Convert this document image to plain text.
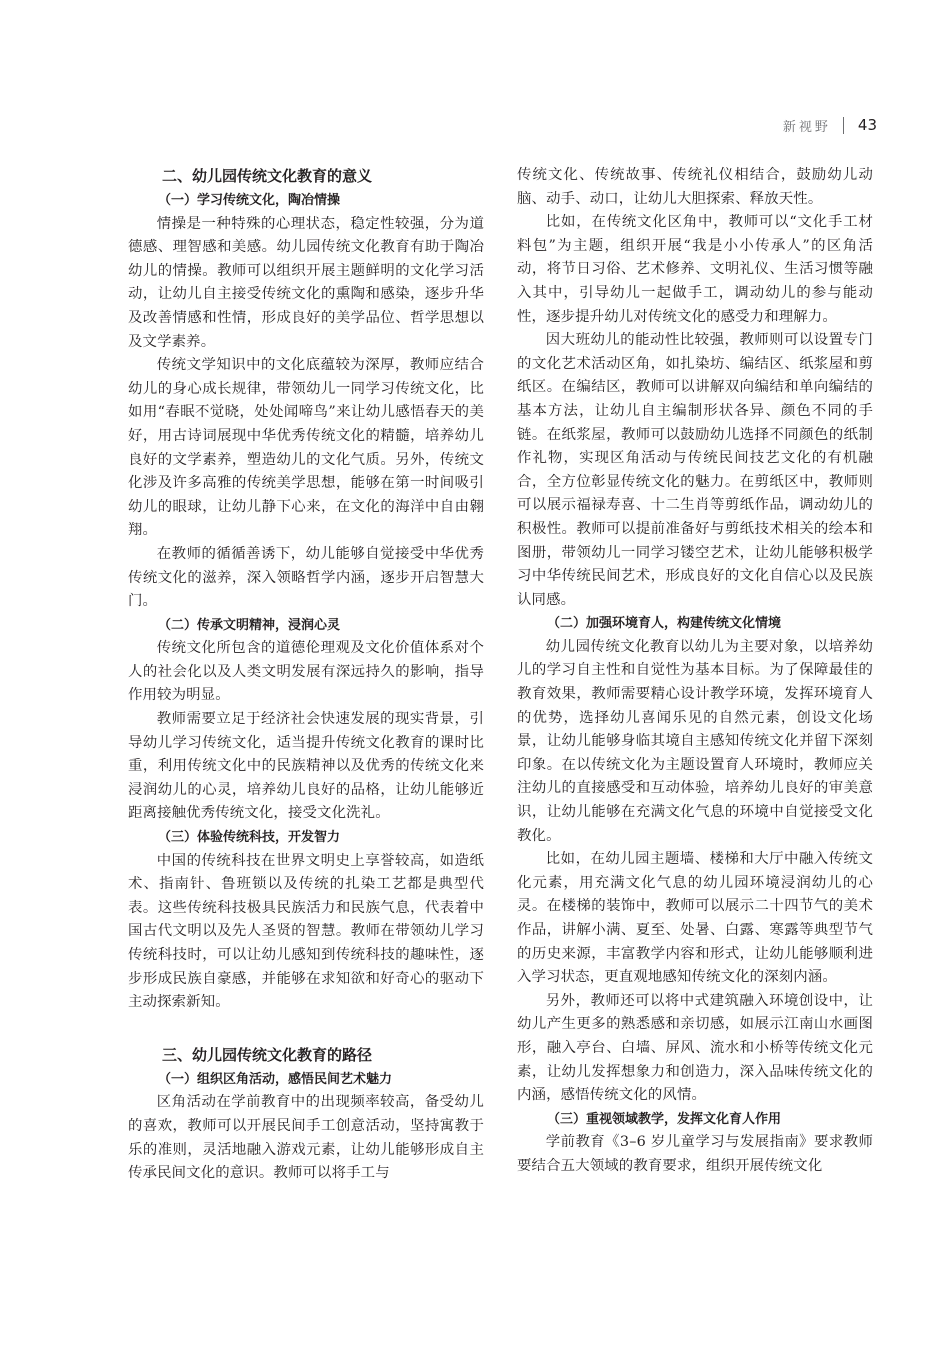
新视野 43
二、幼儿园传统文化教育的意义
（一）学习传统文化，陶冶情操

情操是一种特殊的心理状态，稳定性较强，分为道德感、理智感和美感。幼儿园传统文化教育有助于陶冶幼儿的情操。教师可以组织开展主题鲜明的文化学习活动，让幼儿自主接受传统文化的熏陶和感染，逐步升华及改善情感和性情，形成良好的美学品位、哲学思想以及文学素养。

传统文学知识中的文化底蕴较为深厚，教师应结合幼儿的身心成长规律，带领幼儿一同学习传统文化，比如用“春眠不觉晓，处处闻啼鸟”来让幼儿感悟春天的美好，用古诗词展现中华优秀传统文化的精髓，培养幼儿良好的文学素养，塑造幼儿的文化气质。另外，传统文化涉及许多高雅的传统美学思想，能够在第一时间吸引幼儿的眼球，让幼儿静下心来，在文化的海洋中自由翱翔。

在教师的循循善诱下，幼儿能够自觉接受中华优秀传统文化的滋养，深入领略哲学内涵，逐步开启智慧大门。

（二）传承文明精神，浸润心灵

传统文化所包含的道德伦理观及文化价值体系对个人的社会化以及人类文明发展有深远持久的影响，指导作用较为明显。

教师需要立足于经济社会快速发展的现实背景，引导幼儿学习传统文化，适当提升传统文化教育的课时比重，利用传统文化中的民族精神以及优秀的传统文化来浸润幼儿的心灵，培养幼儿良好的品格，让幼儿能够近距离接触优秀传统文化，接受文化洗礼。

（三）体验传统科技，开发智力

中国的传统科技在世界文明史上享誉较高，如造纸术、指南针、鲁班锁以及传统的扎染工艺都是典型代表。这些传统科技极具民族活力和民族气息，代表着中国古代文明以及先人圣贤的智慧。教师在带领幼儿学习传统科技时，可以让幼儿感知到传统科技的趣味性，逐步形成民族自豪感，并能够在求知欲和好奇心的驱动下主动探索新知。

三、幼儿园传统文化教育的路径
（一）组织区角活动，感悟民间艺术魅力

区角活动在学前教育中的出现频率较高，备受幼儿的喜欢，教师可以开展民间手工创意活动，坚持寓教于乐的准则，灵活地融入游戏元素，让幼儿能够形成自主传承民间文化的意识。教师可以将手工与

传统文化、传统故事、传统礼仪相结合，鼓励幼儿动脑、动手、动口，让幼儿大胆探索、释放天性。

比如，在传统文化区角中，教师可以“文化手工材料包”为主题，组织开展“我是小小传承人”的区角活动，将节日习俗、艺术修养、文明礼仪、生活习惯等融入其中，引导幼儿一起做手工，调动幼儿的参与能动性，逐步提升幼儿对传统文化的感受力和理解力。

因大班幼儿的能动性比较强，教师则可以设置专门的文化艺术活动区角，如扎染坊、编结区、纸浆屋和剪纸区。在编结区，教师可以讲解双向编结和单向编结的基本方法，让幼儿自主编制形状各异、颜色不同的手链。在纸浆屋，教师可以鼓励幼儿选择不同颜色的纸制作礼物，实现区角活动与传统民间技艺文化的有机融合，全方位彰显传统文化的魅力。在剪纸区中，教师则可以展示福禄寿喜、十二生肖等剪纸作品，调动幼儿的积极性。教师可以提前准备好与剪纸技术相关的绘本和图册，带领幼儿一同学习镂空艺术，让幼儿能够积极学习中华传统民间艺术，形成良好的文化自信心以及民族认同感。

（二）加强环境育人，构建传统文化情境

幼儿园传统文化教育以幼儿为主要对象，以培养幼儿的学习自主性和自觉性为基本目标。为了保障最佳的教育效果，教师需要精心设计教学环境，发挥环境育人的优势，选择幼儿喜闻乐见的自然元素，创设文化场景，让幼儿能够身临其境自主感知传统文化并留下深刻印象。在以传统文化为主题设置育人环境时，教师应关注幼儿的直接感受和互动体验，培养幼儿良好的审美意识，让幼儿能够在充满文化气息的环境中自觉接受文化教化。

比如，在幼儿园主题墙、楼梯和大厅中融入传统文化元素，用充满文化气息的幼儿园环境浸润幼儿的心灵。在楼梯的装饰中，教师可以展示二十四节气的美术作品，讲解小满、夏至、处暑、白露、寒露等典型节气的历史来源，丰富教学内容和形式，让幼儿能够顺利进入学习状态，更直观地感知传统文化的深刻内涵。

另外，教师还可以将中式建筑融入环境创设中，让幼儿产生更多的熟悉感和亲切感，如展示江南山水画图形，融入亭台、白墙、屏风、流水和小桥等传统文化元素，让幼儿发挥想象力和创造力，深入品味传统文化的内涵，感悟传统文化的风情。

（三）重视领域教学，发挥文化育人作用

学前教育《3–6 岁儿童学习与发展指南》要求教师要结合五大领域的教育要求，组织开展传统文化
